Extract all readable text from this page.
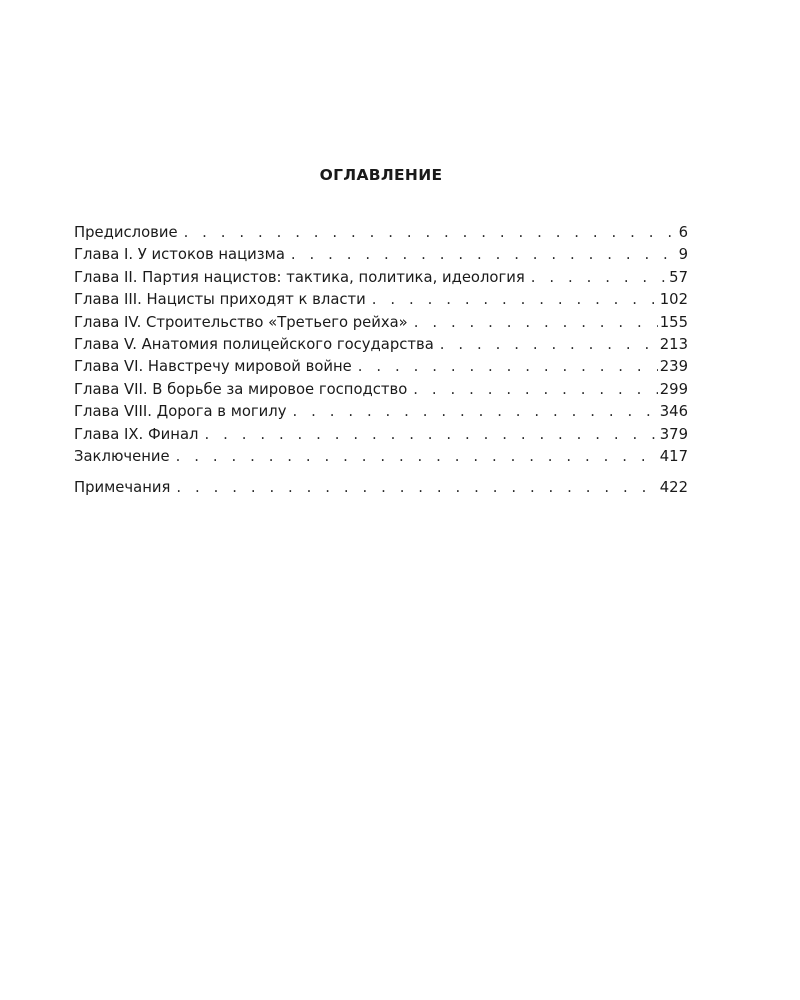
ОГЛАВЛЕНИЕ
Предисловие . . .	6
Глава I. У истоков нацизма . . .	9
Глава II. Партия нацистов: тактика, политика, идеология . . .	57
Глава III. Нацисты приходят к власти . . .	102
Глава IV. Строительство «Третьего рейха» . . .	155
Глава V. Анатомия полицейского государства . . .	213
Глава VI. Навстречу мировой войне . . .	239
Глава VII. В борьбе за мировое господство . . .	299
Глава VIII. Дорога в могилу . . .	346
Глава IX. Финал . . .	379
Заключение . . .	417
Примечания . . .	422
